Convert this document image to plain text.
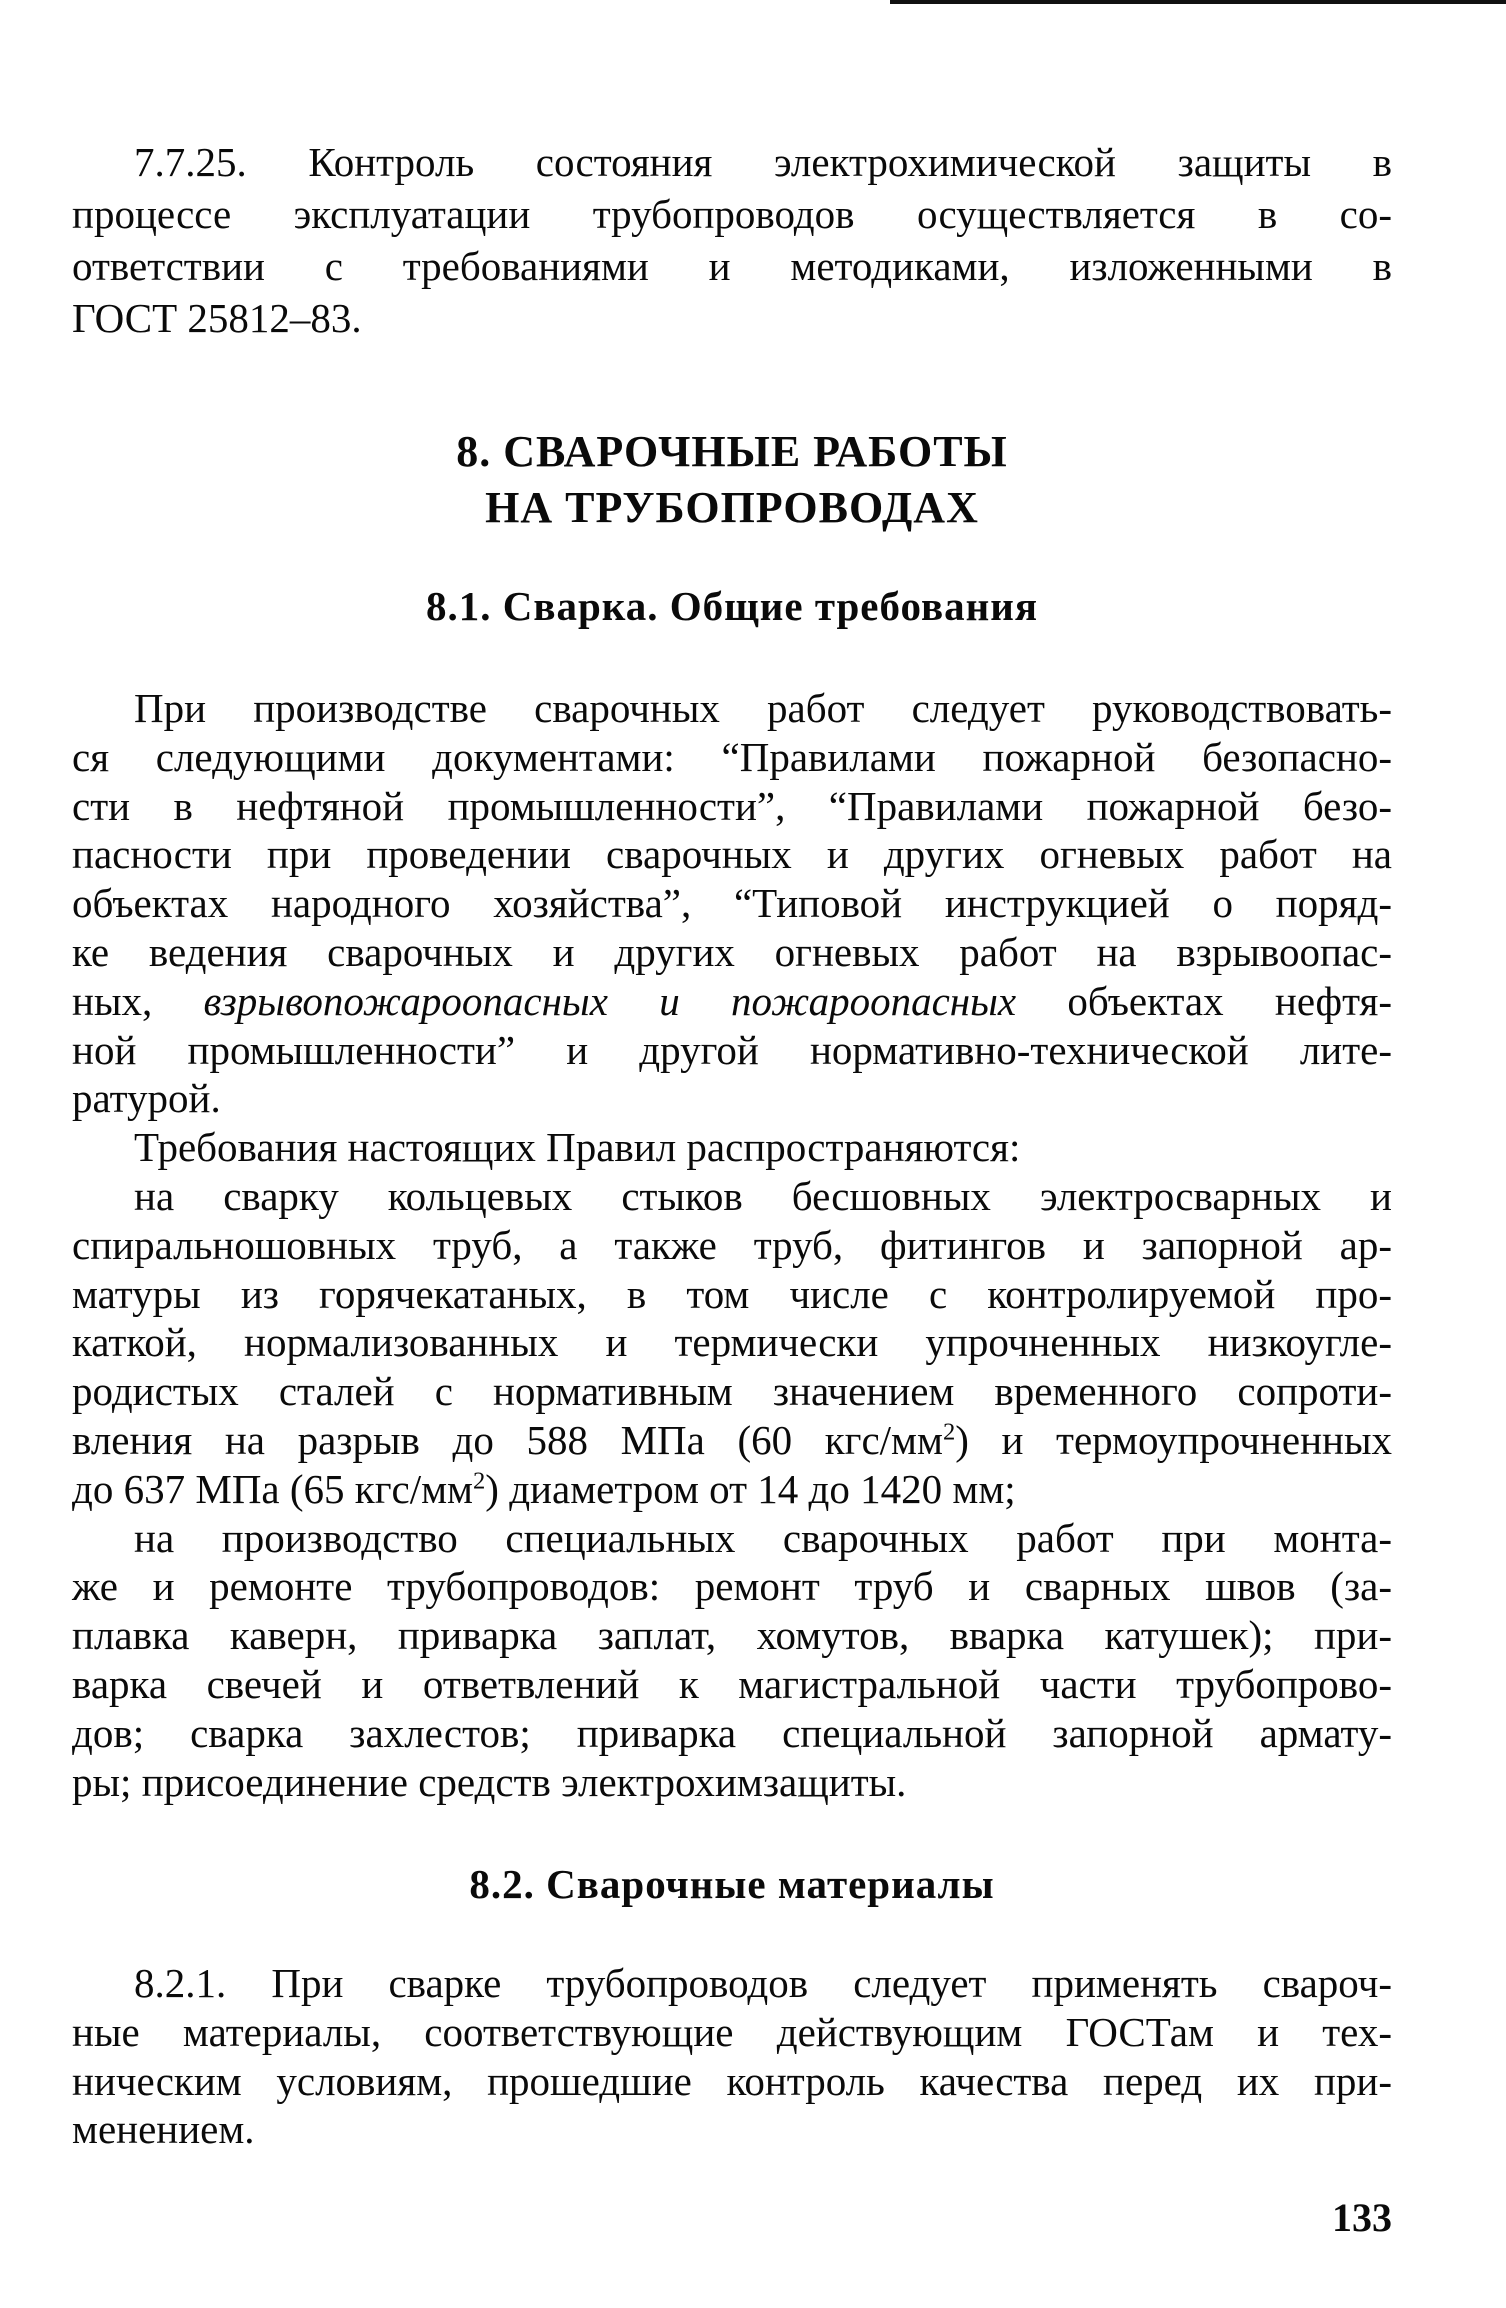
7.7.25. Контроль состояния электрохимической защиты в
процессе эксплуатации трубопроводов осуществляется в со-
ответствии с требованиями и методиками, изложенными в
ГОСТ 25812–83.
8. СВАРОЧНЫЕ РАБОТЫ
НА ТРУБОПРОВОДАХ
8.1. Сварка. Общие требования
При производстве сварочных работ следует руководствовать-
ся следующими документами: “Правилами пожарной безопасно-
сти в нефтяной промышленности”, “Правилами пожарной безо-
пасности при проведении сварочных и других огневых работ на
объектах народного хозяйства”, “Типовой инструкцией о поряд-
ке ведения сварочных и других огневых работ на взрывоопас-
ных, взрывопожароопасных и пожароопасных объектах нефтя-
ной промышленности” и другой нормативно-технической лите-
ратурой.
Требования настоящих Правил распространяются:
на сварку кольцевых стыков бесшовных электросварных и
спиральношовных труб, а также труб, фитингов и запорной ар-
матуры из горячекатаных, в том числе с контролируемой про-
каткой, нормализованных и термически упрочненных низкоугле-
родистых сталей с нормативным значением временного сопроти-
вления на разрыв до 588 МПа (60 кгс/$мм^2$) и термоупрочненных
до 637 МПа (65 кгс/$мм^2$) диаметром от 14 до 1420 мм;
на производство специальных сварочных работ при монта-
же и ремонте трубопроводов: ремонт труб и сварных швов (за-
плавка каверн, приварка заплат, хомутов, вварка катушек); при-
варка свечей и ответвлений к магистральной части трубопрово-
дов; сварка захлестов; приварка специальной запорной армату-
ры; присоединение средств электрохимзащиты.
8.2. Сварочные материалы
8.2.1. При сварке трубопроводов следует применять свароч-
ные материалы, соответствующие действующим ГОСТам и тех-
ническим условиям, прошедшие контроль качества перед их при-
менением.
133
